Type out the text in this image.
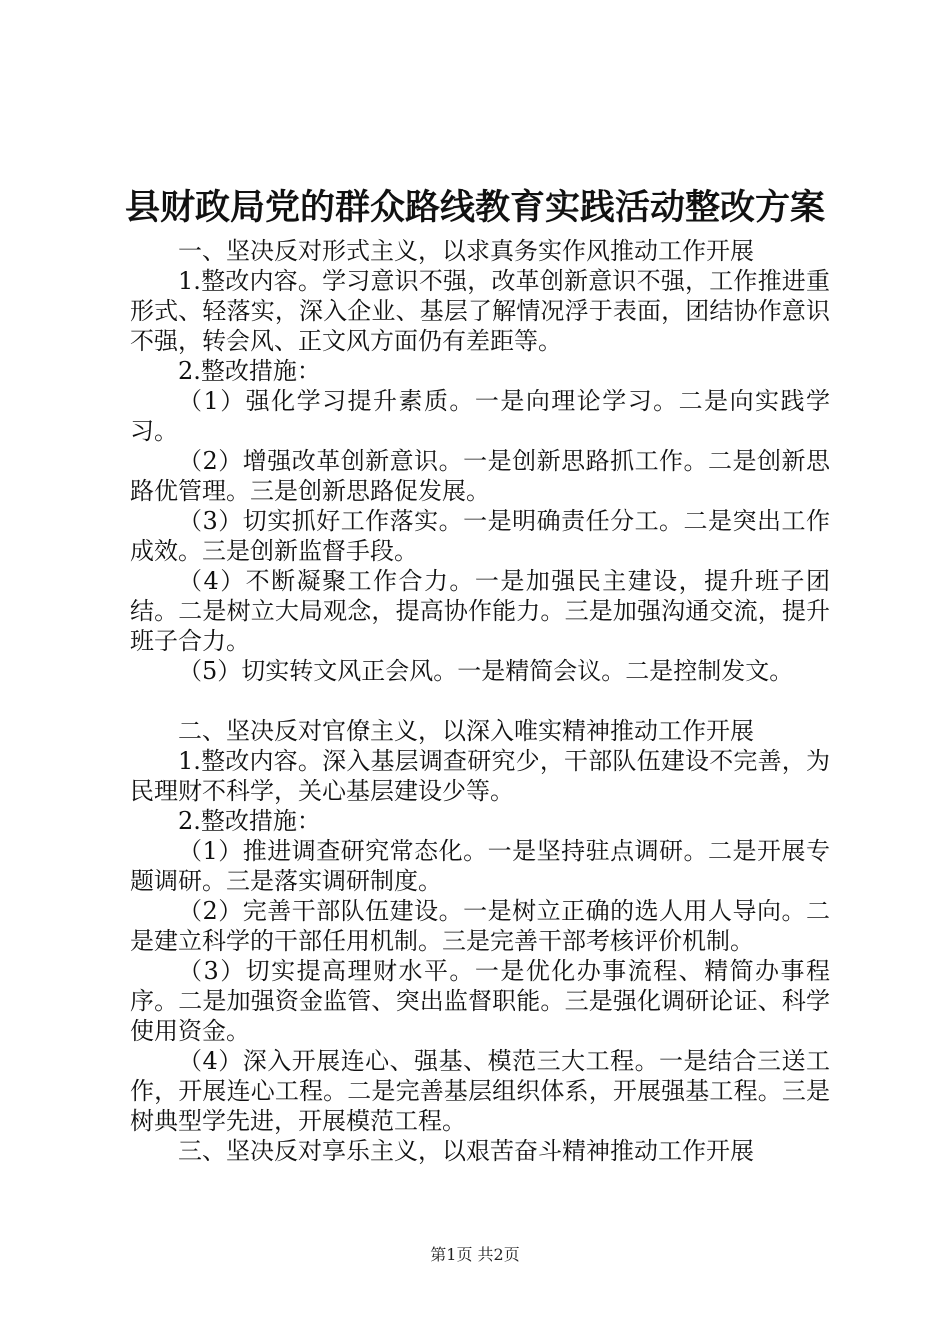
县财政局党的群众路线教育实践活动整改方案

一、坚决反对形式主义，以求真务实作风推动工作开展

1.整改内容。学习意识不强，改革创新意识不强，工作推进重形式、轻落实，深入企业、基层了解情况浮于表面，团结协作意识不强，转会风、正文风方面仍有差距等。

2.整改措施：

（1）强化学习提升素质。一是向理论学习。二是向实践学习。

（2）增强改革创新意识。一是创新思路抓工作。二是创新思路优管理。三是创新思路促发展。

（3）切实抓好工作落实。一是明确责任分工。二是突出工作成效。三是创新监督手段。

（4）不断凝聚工作合力。一是加强民主建设，提升班子团结。二是树立大局观念，提高协作能力。三是加强沟通交流，提升班子合力。

（5）切实转文风正会风。一是精简会议。二是控制发文。

二、坚决反对官僚主义，以深入唯实精神推动工作开展

1.整改内容。深入基层调查研究少，干部队伍建设不完善，为民理财不科学，关心基层建设少等。

2.整改措施：

（1）推进调查研究常态化。一是坚持驻点调研。二是开展专题调研。三是落实调研制度。

（2）完善干部队伍建设。一是树立正确的选人用人导向。二是建立科学的干部任用机制。三是完善干部考核评价机制。

（3）切实提高理财水平。一是优化办事流程、精简办事程序。二是加强资金监管、突出监督职能。三是强化调研论证、科学使用资金。

（4）深入开展连心、强基、模范三大工程。一是结合三送工作，开展连心工程。二是完善基层组织体系，开展强基工程。三是树典型学先进，开展模范工程。

三、坚决反对享乐主义，以艰苦奋斗精神推动工作开展

第1页 共2页
